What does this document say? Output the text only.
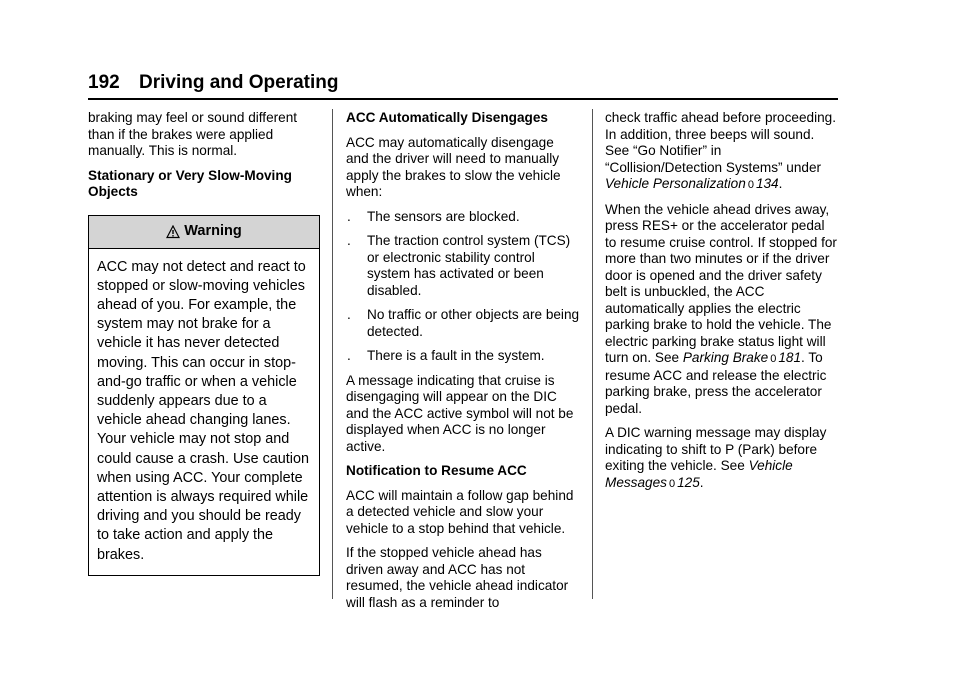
192 Driving and Operating

braking may feel or sound different than if the brakes were applied manually. This is normal.

Stationary or Very Slow-Moving Objects
Warning
ACC may not detect and react to stopped or slow-moving vehicles ahead of you. For example, the system may not brake for a vehicle it has never detected moving. This can occur in stop-and-go traffic or when a vehicle suddenly appears due to a vehicle ahead changing lanes. Your vehicle may not stop and could cause a crash. Use caution when using ACC. Your complete attention is always required while driving and you should be ready to take action and apply the brakes.
ACC Automatically Disengages

ACC may automatically disengage and the driver will need to manually apply the brakes to slow the vehicle when:

.	The sensors are blocked.
.	The traction control system (TCS) or electronic stability control system has activated or been disabled.
.	No traffic or other objects are being detected.
.	There is a fault in the system.

A message indicating that cruise is disengaging will appear on the DIC and the ACC active symbol will not be displayed when ACC is no longer active.

Notification to Resume ACC

ACC will maintain a follow gap behind a detected vehicle and slow your vehicle to a stop behind that vehicle.

If the stopped vehicle ahead has driven away and ACC has not resumed, the vehicle ahead indicator will flash as a reminder to

check traffic ahead before proceeding. In addition, three beeps will sound. See “Go Notifier” in “Collision/Detection Systems” under Vehicle Personalization 0 134.

When the vehicle ahead drives away, press RES+ or the accelerator pedal to resume cruise control. If stopped for more than two minutes or if the driver door is opened and the driver safety belt is unbuckled, the ACC automatically applies the electric parking brake to hold the vehicle. The electric parking brake status light will turn on. See Parking Brake 0 181. To resume ACC and release the electric parking brake, press the accelerator pedal.

A DIC warning message may display indicating to shift to P (Park) before exiting the vehicle. See Vehicle Messages 0 125.
